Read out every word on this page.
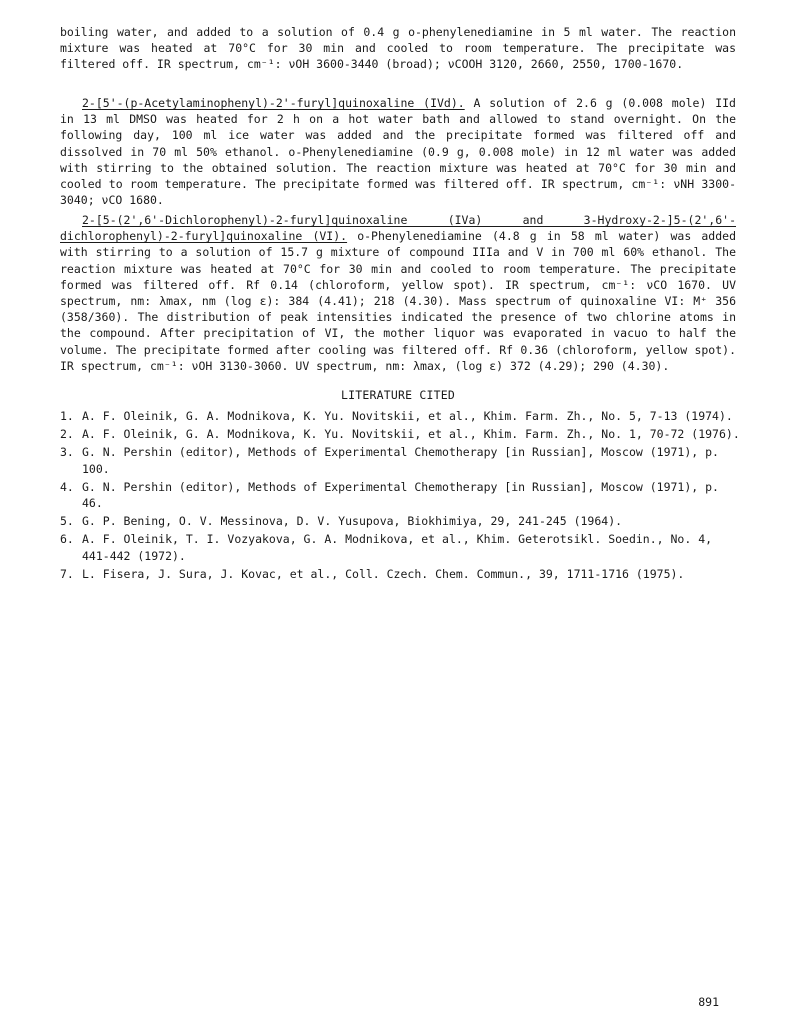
boiling water, and added to a solution of 0.4 g o-phenylenediamine in 5 ml water. The reaction mixture was heated at 70°C for 30 min and cooled to room temperature. The precipitate was filtered off. IR spectrum, cm⁻¹: νOH 3600-3440 (broad); νCOOH 3120, 2660, 2550, 1700-1670.

2-[5'-(p-Acetylaminophenyl)-2'-furyl]quinoxaline (IVd). A solution of 2.6 g (0.008 mole) IId in 13 ml DMSO was heated for 2 h on a hot water bath and allowed to stand overnight. On the following day, 100 ml ice water was added and the precipitate formed was filtered off and dissolved in 70 ml 50% ethanol. o-Phenylenediamine (0.9 g, 0.008 mole) in 12 ml water was added with stirring to the obtained solution. The reaction mixture was heated at 70°C for 30 min and cooled to room temperature. The precipitate formed was filtered off. IR spectrum, cm⁻¹: νNH 3300-3040; νCO 1680.

2-[5-(2',6'-Dichlorophenyl)-2-furyl]quinoxaline (IVa) and 3-Hydroxy-2-]5-(2',6'-dichlorophenyl)-2-furyl]quinoxaline (VI). o-Phenylenediamine (4.8 g in 58 ml water) was added with stirring to a solution of 15.7 g mixture of compound IIIa and V in 700 ml 60% ethanol. The reaction mixture was heated at 70°C for 30 min and cooled to room temperature. The precipitate formed was filtered off. Rf 0.14 (chloroform, yellow spot). IR spectrum, cm⁻¹: νCO 1670. UV spectrum, nm: λmax, nm (log ε): 384 (4.41); 218 (4.30). Mass spectrum of quinoxaline VI: M⁺ 356 (358/360). The distribution of peak intensities indicated the presence of two chlorine atoms in the compound. After precipitation of VI, the mother liquor was evaporated in vacuo to half the volume. The precipitate formed after cooling was filtered off. Rf 0.36 (chloroform, yellow spot). IR spectrum, cm⁻¹: νOH 3130-3060. UV spectrum, nm: λmax, (log ε) 372 (4.29); 290 (4.30).

LITERATURE CITED
1. A. F. Oleinik, G. A. Modnikova, K. Yu. Novitskii, et al., Khim. Farm. Zh., No. 5, 7-13 (1974).
2. A. F. Oleinik, G. A. Modnikova, K. Yu. Novitskii, et al., Khim. Farm. Zh., No. 1, 70-72 (1976).
3. G. N. Pershin (editor), Methods of Experimental Chemotherapy [in Russian], Moscow (1971), p. 100.
4. G. N. Pershin (editor), Methods of Experimental Chemotherapy [in Russian], Moscow (1971), p. 46.
5. G. P. Bening, O. V. Messinova, D. V. Yusupova, Biokhimiya, 29, 241-245 (1964).
6. A. F. Oleinik, T. I. Vozyakova, G. A. Modnikova, et al., Khim. Geterotsikl. Soedin., No. 4, 441-442 (1972).
7. L. Fisera, J. Sura, J. Kovac, et al., Coll. Czech. Chem. Commun., 39, 1711-1716 (1975).
891
